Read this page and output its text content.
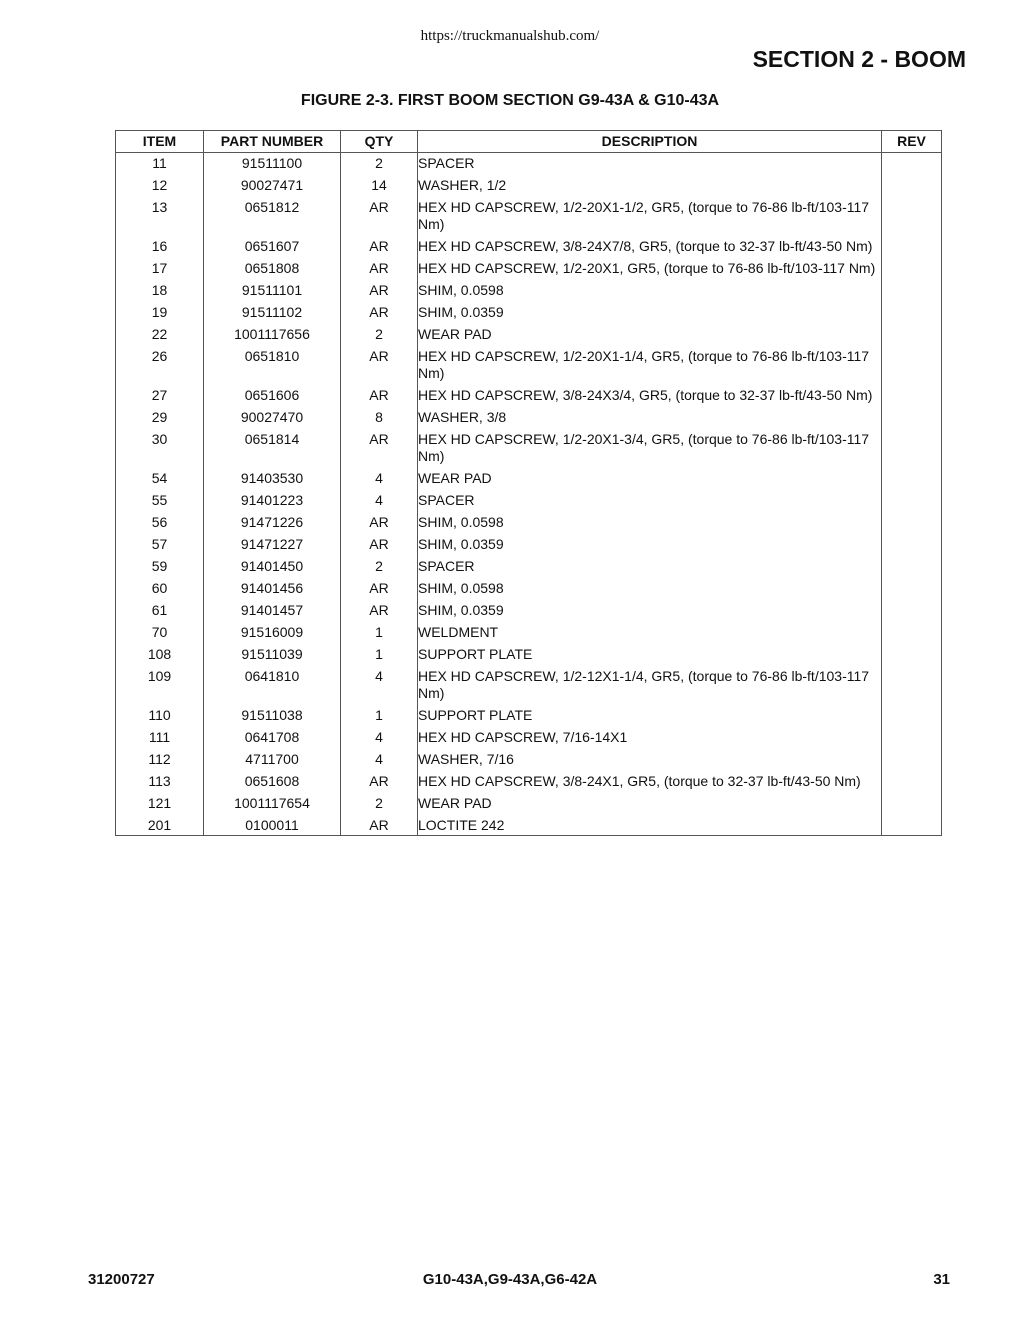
https://truckmanualshub.com/
SECTION 2 - BOOM
FIGURE 2-3. FIRST BOOM SECTION G9-43A & G10-43A
ITEM	PART NUMBER	QTY	DESCRIPTION	REV
11	91511100	2	SPACER	
12	90027471	14	WASHER, 1/2	
13	0651812	AR	HEX HD CAPSCREW, 1/2-20X1-1/2, GR5, (torque to 76-86 lb-ft/103-117 Nm)	
16	0651607	AR	HEX HD CAPSCREW, 3/8-24X7/8, GR5, (torque to 32-37 lb-ft/43-50 Nm)	
17	0651808	AR	HEX HD CAPSCREW, 1/2-20X1, GR5, (torque to 76-86 lb-ft/103-117 Nm)	
18	91511101	AR	SHIM, 0.0598	
19	91511102	AR	SHIM, 0.0359	
22	1001117656	2	WEAR PAD	
26	0651810	AR	HEX HD CAPSCREW, 1/2-20X1-1/4, GR5, (torque to 76-86 lb-ft/103-117 Nm)	
27	0651606	AR	HEX HD CAPSCREW, 3/8-24X3/4, GR5, (torque to 32-37 lb-ft/43-50 Nm)	
29	90027470	8	WASHER, 3/8	
30	0651814	AR	HEX HD CAPSCREW, 1/2-20X1-3/4, GR5, (torque to 76-86 lb-ft/103-117 Nm)	
54	91403530	4	WEAR PAD	
55	91401223	4	SPACER	
56	91471226	AR	SHIM, 0.0598	
57	91471227	AR	SHIM, 0.0359	
59	91401450	2	SPACER	
60	91401456	AR	SHIM, 0.0598	
61	91401457	AR	SHIM, 0.0359	
70	91516009	1	WELDMENT	
108	91511039	1	SUPPORT PLATE	
109	0641810	4	HEX HD CAPSCREW, 1/2-12X1-1/4, GR5, (torque to 76-86 lb-ft/103-117 Nm)	
110	91511038	1	SUPPORT PLATE	
111	0641708	4	HEX HD CAPSCREW, 7/16-14X1	
112	4711700	4	WASHER, 7/16	
113	0651608	AR	HEX HD CAPSCREW, 3/8-24X1, GR5, (torque to 32-37 lb-ft/43-50 Nm)	
121	1001117654	2	WEAR PAD	
201	0100011	AR	LOCTITE 242	
31200727	G10-43A,G9-43A,G6-42A	31
